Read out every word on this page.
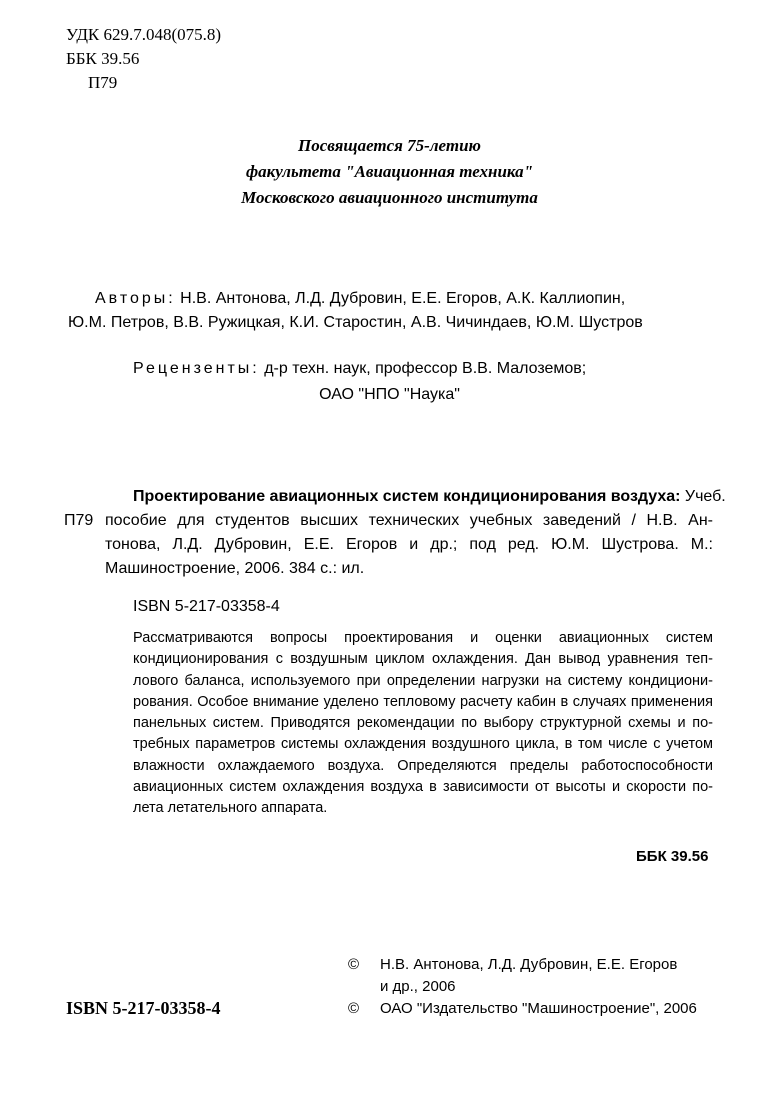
УДК 629.7.048(075.8)
ББК 39.56
П79
Посвящается 75-летию
факультета "Авиационная техника"
Московского авиационного института
Авторы: Н.В. Антонова, Л.Д. Дубровин, Е.Е. Егоров, А.К. Каллиопин,
Ю.М. Петров, В.В. Ружицкая, К.И. Старостин, А.В. Чичиндаев, Ю.М. Шустров
Рецензенты: д-р техн. наук, профессор В.В. Малоземов;
ОАО "НПО "Наука"
Проектирование авиационных систем кондиционирования воздуха: Учеб.
П79 пособие для студентов высших технических учебных заведений / Н.В. Ан-
тонова, Л.Д. Дубровин, Е.Е. Егоров и др.; под ред. Ю.М. Шустрова. М.:
Машиностроение, 2006. 384 с.: ил.
ISBN 5-217-03358-4
Рассматриваются вопросы проектирования и оценки авиационных систем
кондиционирования с воздушным циклом охлаждения. Дан вывод уравнения теп-
лового баланса, используемого при определении нагрузки на систему кондициони-
рования. Особое внимание уделено тепловому расчету кабин в случаях применения
панельных систем. Приводятся рекомендации по выбору структурной схемы и по-
требных параметров системы охлаждения воздушного цикла, в том числе с учетом
влажности охлаждаемого воздуха. Определяются пределы работоспособности
авиационных систем охлаждения воздуха в зависимости от высоты и скорости по-
лета летательного аппарата.
ББК 39.56
© Н.В. Антонова, Л.Д. Дубровин, Е.Е. Егоров
и др., 2006
© ОАО "Издательство "Машиностроение", 2006
ISBN 5-217-03358-4
